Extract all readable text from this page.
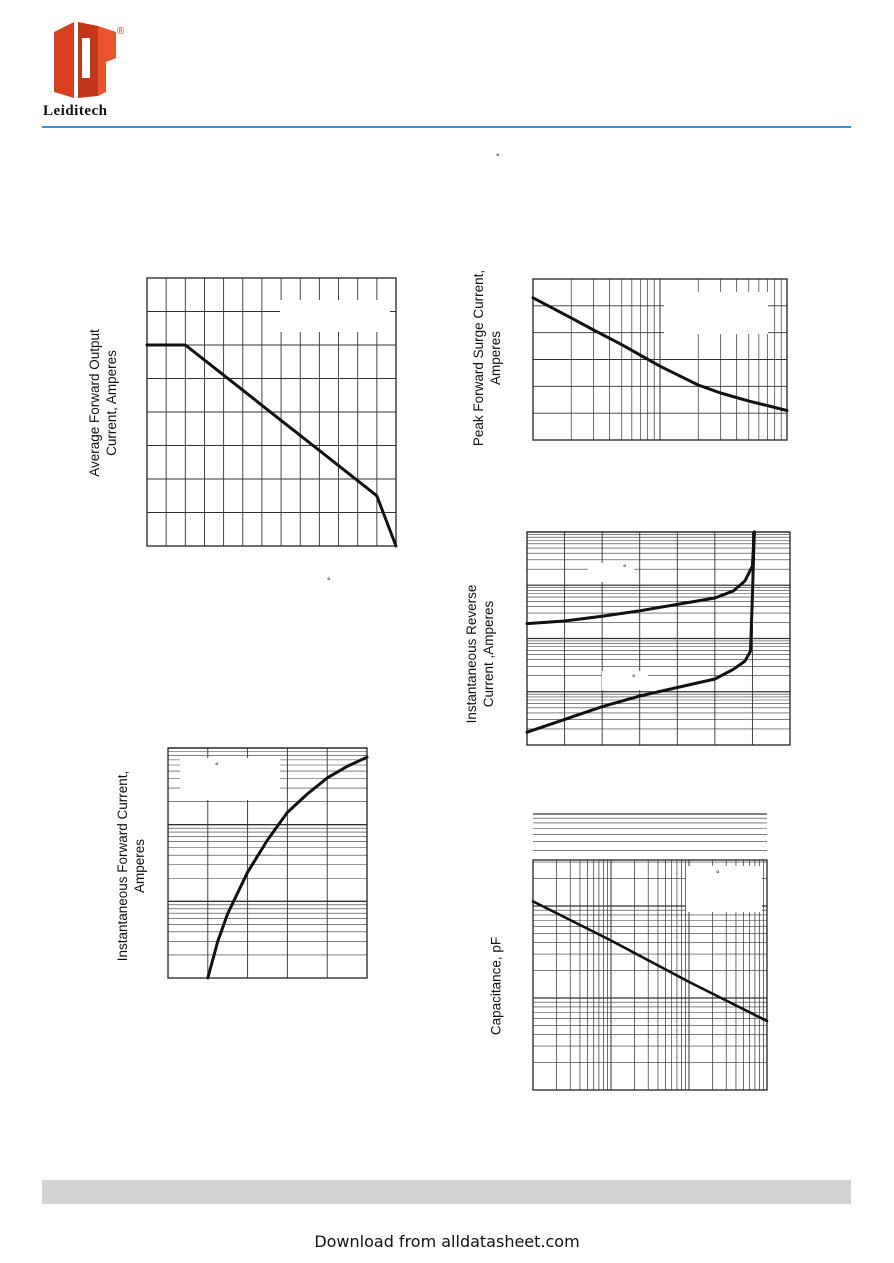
®
Leiditech
°
°
Average Forward Output Current, Amperes	Peak Forward Surge Current, Amperes
Instantaneous Reverse Current ,Amperes
Instantaneous Forward Current, Amperes
Capacitance, pF
Download from alldatasheet.com
°
°
°
°
